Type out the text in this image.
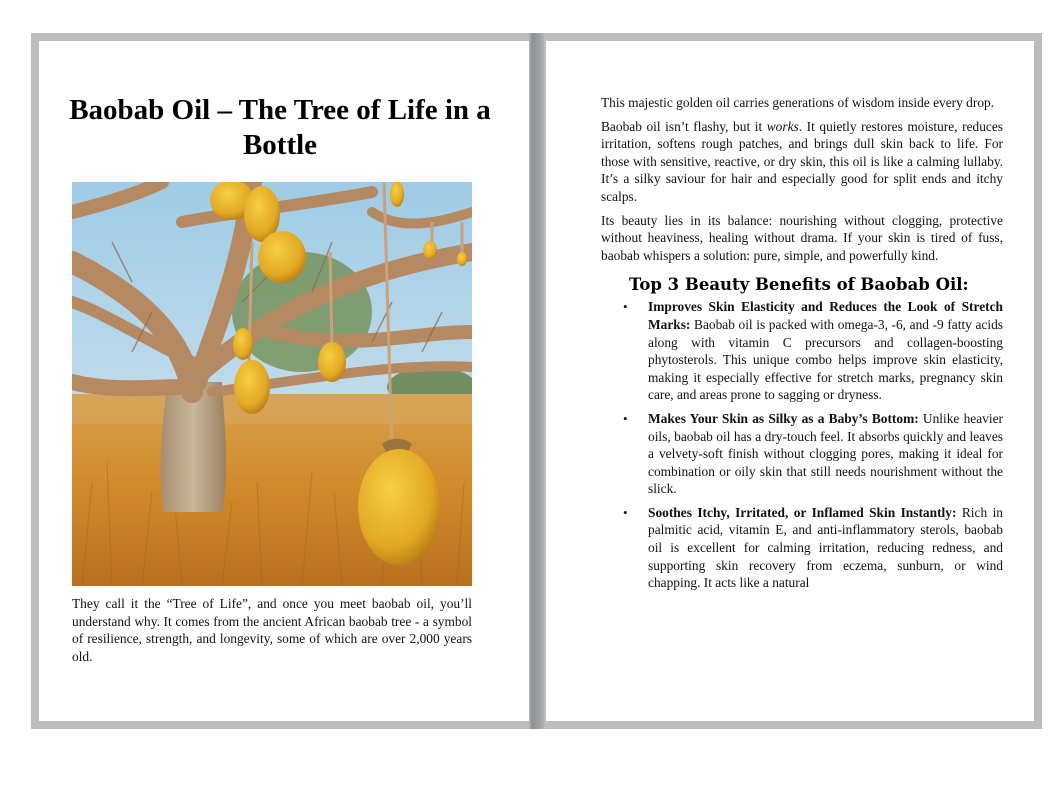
Baobab Oil – The Tree of Life in a Bottle

They call it the “Tree of Life”, and once you meet baobab oil, you’ll understand why. It comes from the ancient African baobab tree - a symbol of resilience, strength, and longevity, some of which are over 2,000 years old.

This majestic golden oil carries generations of wisdom inside every drop.

Baobab oil isn’t flashy, but it works. It quietly restores moisture, reduces irritation, softens rough patches, and brings dull skin back to life. For those with sensitive, reactive, or dry skin, this oil is like a calming lullaby. It’s a silky saviour for hair and especially good for split ends and itchy scalps.

Its beauty lies in its balance: nourishing without clogging, protective without heaviness, healing without drama. If your skin is tired of fuss, baobab whispers a solution: pure, simple, and powerfully kind.

Top 3 Beauty Benefits of Baobab Oil:
• Improves Skin Elasticity and Reduces the Look of Stretch Marks: Baobab oil is packed with omega-3, -6, and -9 fatty acids along with vitamin C precursors and collagen-boosting phytosterols. This unique combo helps improve skin elasticity, making it especially effective for stretch marks, pregnancy skin care, and areas prone to sagging or dryness.
• Makes Your Skin as Silky as a Baby’s Bottom: Unlike heavier oils, baobab oil has a dry-touch feel. It absorbs quickly and leaves a velvety-soft finish without clogging pores, making it ideal for combination or oily skin that still needs nourishment without the slick.
• Soothes Itchy, Irritated, or Inflamed Skin Instantly: Rich in palmitic acid, vitamin E, and anti-inflammatory sterols, baobab oil is excellent for calming irritation, reducing redness, and supporting skin recovery from eczema, sunburn, or wind chapping. It acts like a natural
